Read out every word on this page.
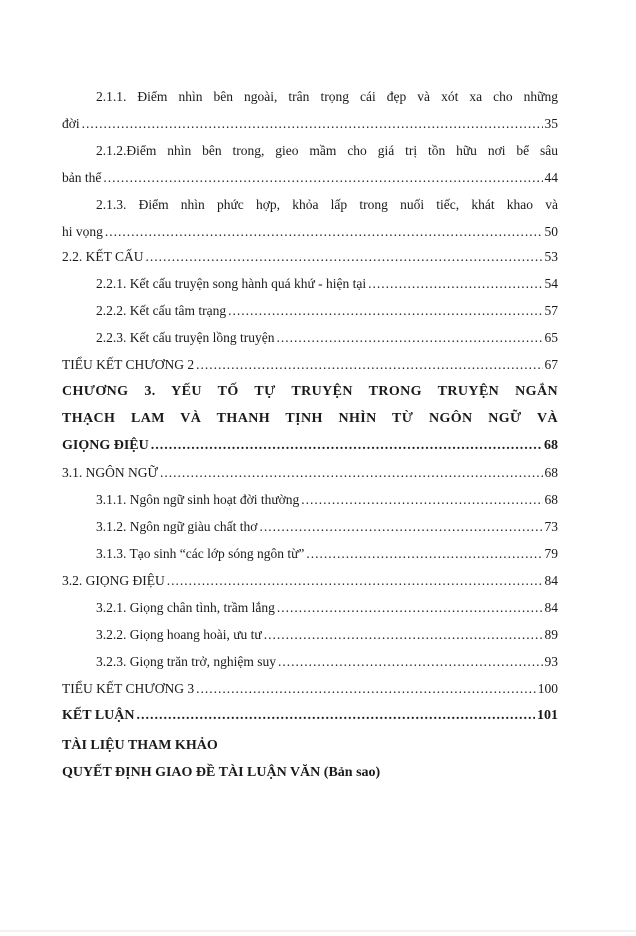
2.1.1. Điểm nhìn bên ngoài, trân trọng cái đẹp và xót xa cho những
đời .....	35
2.1.2.Điểm nhìn bên trong, gieo mầm cho giá trị tồn hữu nơi bể sâu
bản thể .....	44
2.1.3. Điểm nhìn phức hợp, khỏa lấp trong nuối tiếc, khát khao và
hi vọng .....	50
2.2. KẾT CẤU .....	53
2.2.1. Kết cấu truyện song hành quá khứ - hiện tại .....	54
2.2.2. Kết cấu tâm trạng .....	57
2.2.3. Kết cấu truyện lồng truyện .....	65
TIỂU KẾT CHƯƠNG 2 .....	67
CHƯƠNG 3. YẾU TỐ TỰ TRUYỆN TRONG TRUYỆN NGẮN
THẠCH LAM VÀ THANH TỊNH NHÌN TỪ NGÔN NGỮ VÀ
GIỌNG ĐIỆU .....	68
3.1. NGÔN NGỮ .....	68
3.1.1. Ngôn ngữ sinh hoạt đời thường .....	68
3.1.2. Ngôn ngữ giàu chất thơ .....	73
3.1.3. Tạo sinh “các lớp sóng ngôn từ” .....	79
3.2. GIỌNG ĐIỆU .....	84
3.2.1. Giọng chân tình, trầm lắng .....	84
3.2.2. Giọng hoang hoài, ưu tư .....	89
3.2.3. Giọng trăn trở, nghiệm suy .....	93
TIỂU KẾT CHƯƠNG 3 .....	100
KẾT LUẬN .....	101
TÀI LIỆU THAM KHẢO
QUYẾT ĐỊNH GIAO ĐỀ TÀI LUẬN VĂN (Bản sao)
